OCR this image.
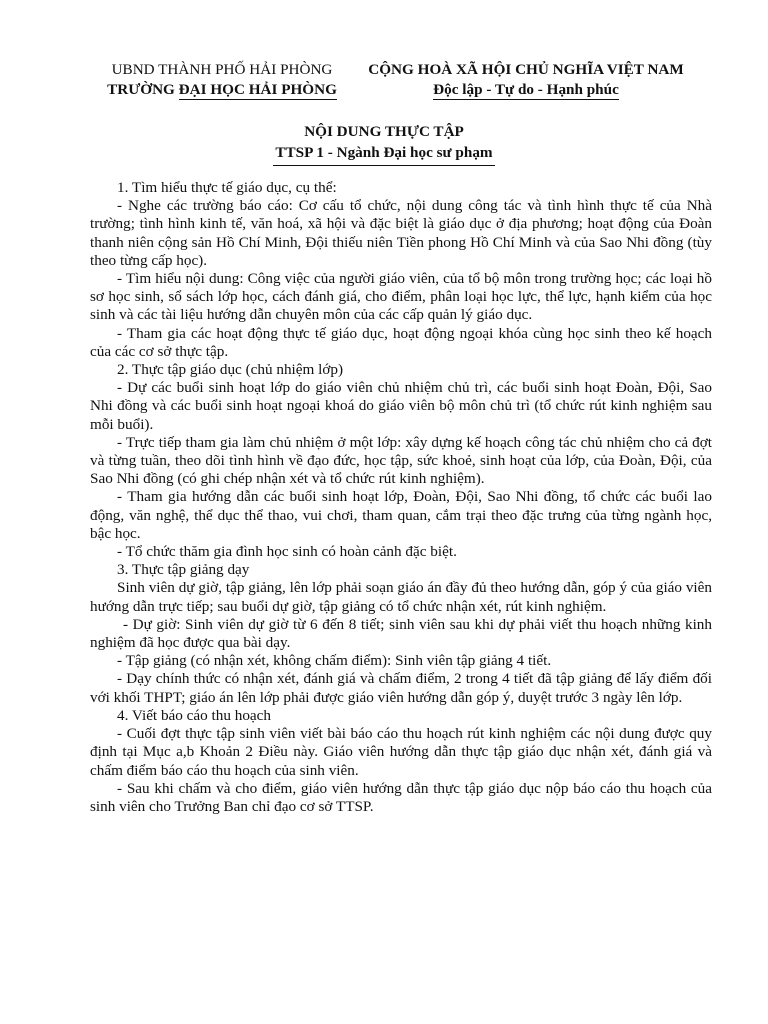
UBND THÀNH PHỐ HẢI PHÒNG
TRƯỜNG ĐẠI HỌC HẢI PHÒNG
CỘNG HOÀ XÃ HỘI CHỦ NGHĨA VIỆT NAM
Độc lập - Tự do - Hạnh phúc
NỘI DUNG THỰC TẬP
TTSP 1 - Ngành Đại học sư phạm

1. Tìm hiểu thực tế giáo dục, cụ thể:

- Nghe các trường báo cáo: Cơ cấu tổ chức, nội dung công tác và tình hình thực tế của Nhà trường; tình hình kinh tế, văn hoá, xã hội và đặc biệt là giáo dục ở địa phương; hoạt động của Đoàn thanh niên cộng sản Hồ Chí Minh, Đội thiếu niên Tiền phong Hồ Chí Minh và của Sao Nhi đồng (tùy theo từng cấp học).

- Tìm hiểu nội dung: Công việc của người giáo viên, của tổ bộ môn trong trường học; các loại hồ sơ học sinh, sổ sách lớp học, cách đánh giá, cho điểm, phân loại học lực, thể lực, hạnh kiểm của học sinh và các tài liệu hướng dẫn chuyên môn của các cấp quản lý giáo dục.

- Tham gia các hoạt động thực tế giáo dục, hoạt động ngoại khóa cùng học sinh theo kế hoạch của các cơ sở thực tập.

2. Thực tập giáo dục (chủ nhiệm lớp)

- Dự các buổi sinh hoạt lớp do giáo viên chủ nhiệm chủ trì, các buổi sinh hoạt Đoàn, Đội, Sao Nhi đồng và các buổi sinh hoạt ngoại khoá do giáo viên bộ môn chủ trì (tổ chức rút kinh nghiệm sau mỗi buổi).

- Trực tiếp tham gia làm chủ nhiệm ở một lớp: xây dựng kế hoạch công tác chủ nhiệm cho cả đợt và từng tuần, theo dõi tình hình về đạo đức, học tập, sức khoẻ, sinh hoạt của lớp, của Đoàn, Đội, của Sao Nhi đồng (có ghi chép nhận xét và tổ chức rút kinh nghiệm).

- Tham gia hướng dẫn các buổi sinh hoạt lớp, Đoàn, Đội, Sao Nhi đồng, tổ chức các buổi lao động, văn nghệ, thể dục thể thao, vui chơi, tham quan, cắm trại theo đặc trưng của từng ngành học, bậc học.

- Tổ chức thăm gia đình học sinh có hoàn cảnh đặc biệt.

3. Thực tập giảng dạy

Sinh viên dự giờ, tập giảng, lên lớp phải soạn giáo án đầy đủ theo hướng dẫn, góp ý của giáo viên hướng dẫn trực tiếp; sau buổi dự giờ, tập giảng có tổ chức nhận xét, rút kinh nghiệm.

- Dự giờ: Sinh viên dự giờ từ 6 đến 8 tiết; sinh viên sau khi dự phải viết thu hoạch những kinh nghiệm đã học được qua bài dạy.

- Tập giảng (có nhận xét, không chấm điểm): Sinh viên tập giảng 4 tiết.

- Dạy chính thức có nhận xét, đánh giá và chấm điểm, 2 trong 4 tiết đã tập giảng để lấy điểm đối với khối THPT; giáo án lên lớp phải được giáo viên hướng dẫn góp ý, duyệt trước 3 ngày lên lớp.

4. Viết báo cáo thu hoạch

- Cuối đợt thực tập sinh viên viết bài báo cáo thu hoạch rút kinh nghiệm các nội dung được quy định tại Mục a,b Khoản 2 Điều này. Giáo viên hướng dẫn thực tập giáo dục nhận xét, đánh giá và chấm điểm báo cáo thu hoạch của sinh viên.

- Sau khi chấm và cho điểm, giáo viên hướng dẫn thực tập giáo dục nộp báo cáo thu hoạch của sinh viên cho Trưởng Ban chỉ đạo cơ sở TTSP.
